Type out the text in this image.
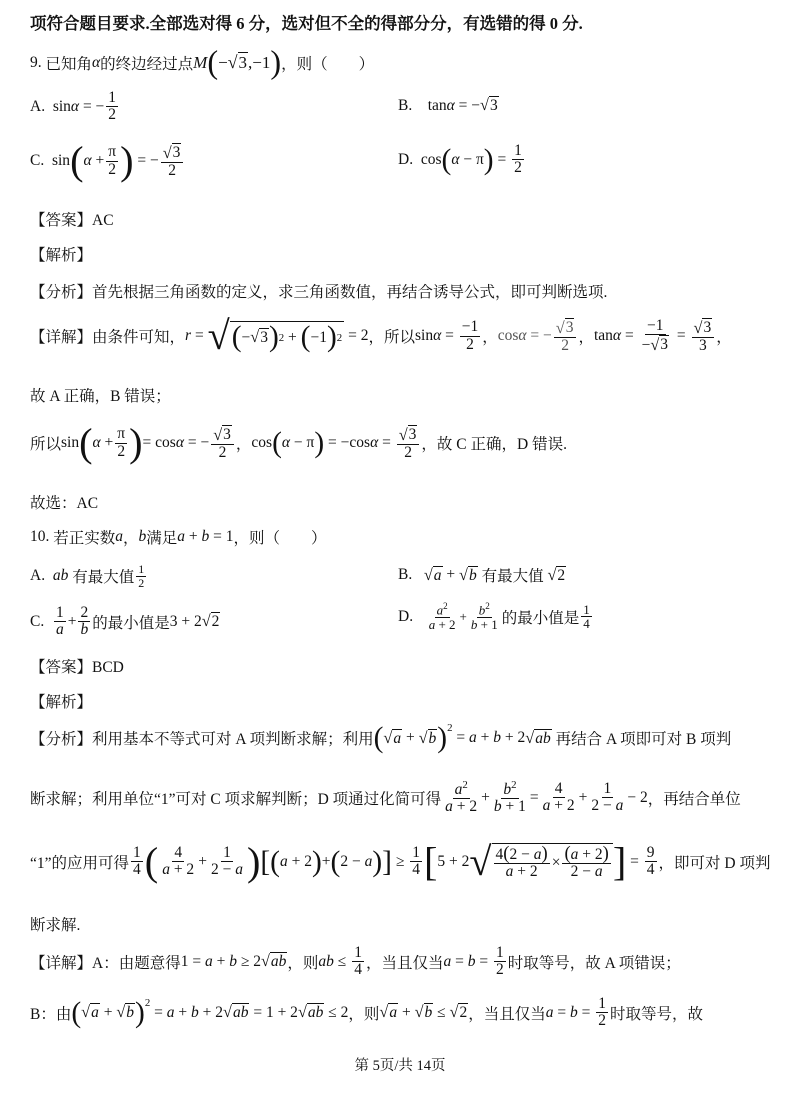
项符合题目要求.全部选对得 6 分，选对但不全的得部分分，有选错的得 0 分.
9.
已知角 α 的终边经过点 M ( − √ 3 ,−1 ) ，则（　　）
A.
sin α = − $\frac{1}{2}$	B.
tan α = − √ 3
C.
sin ( $\alpha + \frac{\pi}{2}$ ) = − $\frac{√ 3}{2}$	D.
cos ( α − π ) = $\frac{1}{2}$
【答案】AC
【解析】
【分析】首先根据三角函数的定义，求三角函数值，再结合诱导公式，即可判断选项.
【详解】由条件可知， r = √ ( − √ 3 ) 2 + ( −1 ) 2 = 2 ，所以 $\sin \alpha = \frac{-1}{2}$ ， cos α = − $\frac{√ 3}{2}$ ， $\tan \alpha = \frac{-1}{- √ 3} = \frac{√ 3}{3}$ ，
故 A 正确，B 错误；
所以 sin ( $\alpha + \frac{\pi}{2}$ ) = cos α = − $\frac{√ 3}{2}$ ， cos ( α − π ) = −cos $\alpha = \frac{√ 3}{2}$ ，故 C 正确，D 错误.
故选：AC
10.
若正实数 a ， b 满足 a + b = 1 ，则（　　）
A.
ab
有最大值 $\frac{1}{2}$	B.
√ a + √ b
有最大值
√ 2
C.
$\frac{1}{a} + \frac{2}{b}$ 的最小值是 3 + 2 √ 2	D.
$\frac{a^2}{a + 2} + \frac{b^2}{b + 1}$ 的最小值是 $\frac{1}{4}$
【答案】BCD
【解析】
【分析】利用基本不等式可对 A 项判断求解；利用 ( √ a + √ b )$^2$
= a + b + 2 √ ab
再结合 A 项即可对 B 项判
断求解；利用单位“1”可对 C 项求解判断；D 项通过化简可得 $\frac{a^2}{a + 2} + \frac{b^2}{b + 1} = \frac{4}{a + 2} + \frac{1}{2 - a} - 2$ ，再结合单位
“1”的应用可得 $\frac{1}{4}$ ( $\frac{4}{a + 2} + \frac{1}{2 - a}$ ) [ ( a + 2 ) + ( 2 − a ) ] ≥ $\frac{1}{4}$ [ 5 + 2 √ $\frac{4(2 - a)}{a + 2} \times \frac{(a + 2)}{2 - a}$ ] = $\frac{9}{4}$ ，即可对 D 项判
断求解.
【详解】A：由题意得 1 = a + b ≥ 2 √ ab ，则 ab ≤ $\frac{1}{4}$ ，当且仅当 $a = b = \frac{1}{2}$ 时取等号，故 A 项错误；
B：由 ( √ a + √ b )$^2$
= a + b + 2 √ ab = 1 + 2 √ ab ≤ 2 ，则 √ a + √ b ≤ √ 2 ，当且仅当 $a = b = \frac{1}{2}$ 时取等号，故
第 5页/共 14页
